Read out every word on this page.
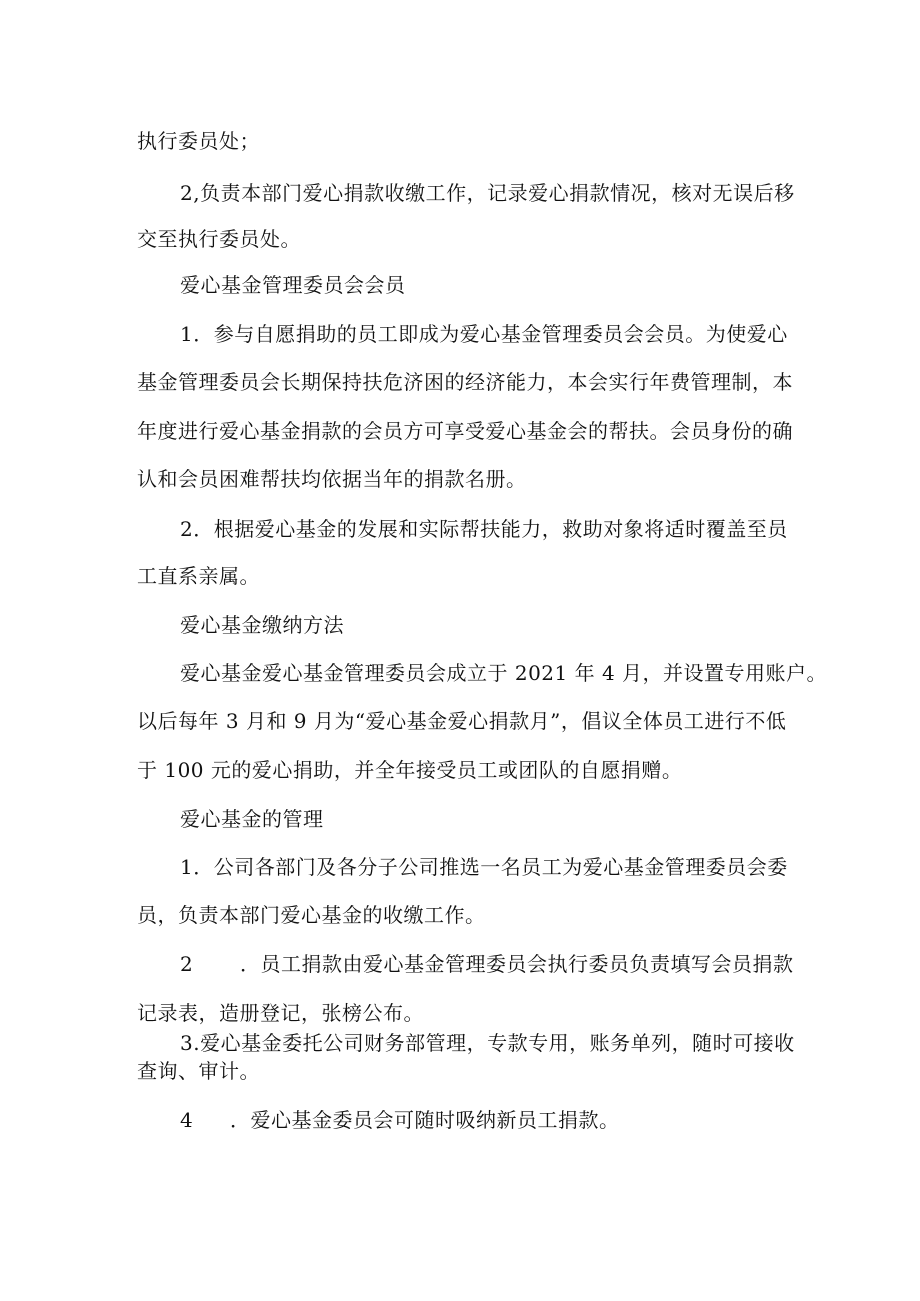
执行委员处；
2,负责本部门爱心捐款收缴工作，记录爱心捐款情况，核对无误后移
交至执行委员处。
爱心基金管理委员会会员
1．参与自愿捐助的员工即成为爱心基金管理委员会会员。为使爱心
基金管理委员会长期保持扶危济困的经济能力，本会实行年费管理制，本
年度进行爱心基金捐款的会员方可享受爱心基金会的帮扶。会员身份的确
认和会员困难帮扶均依据当年的捐款名册。
2．根据爱心基金的发展和实际帮扶能力，救助对象将适时覆盖至员
工直系亲属。
爱心基金缴纳方法
爱心基金爱心基金管理委员会成立于 2021 年 4 月，并设置专用账户。
以后每年 3 月和 9 月为“爱心基金爱心捐款月”，倡议全体员工进行不低
于 100 元的爱心捐助，并全年接受员工或团队的自愿捐赠。
爱心基金的管理
1．公司各部门及各分子公司推选一名员工为爱心基金管理委员会委
员，负责本部门爱心基金的收缴工作。
2 ．员工捐款由爱心基金管理委员会执行委员负责填写会员捐款
记录表，造册登记，张榜公布。
3.爱心基金委托公司财务部管理，专款专用，账务单列，随时可接收
查询、审计。
4 ．爱心基金委员会可随时吸纳新员工捐款。
